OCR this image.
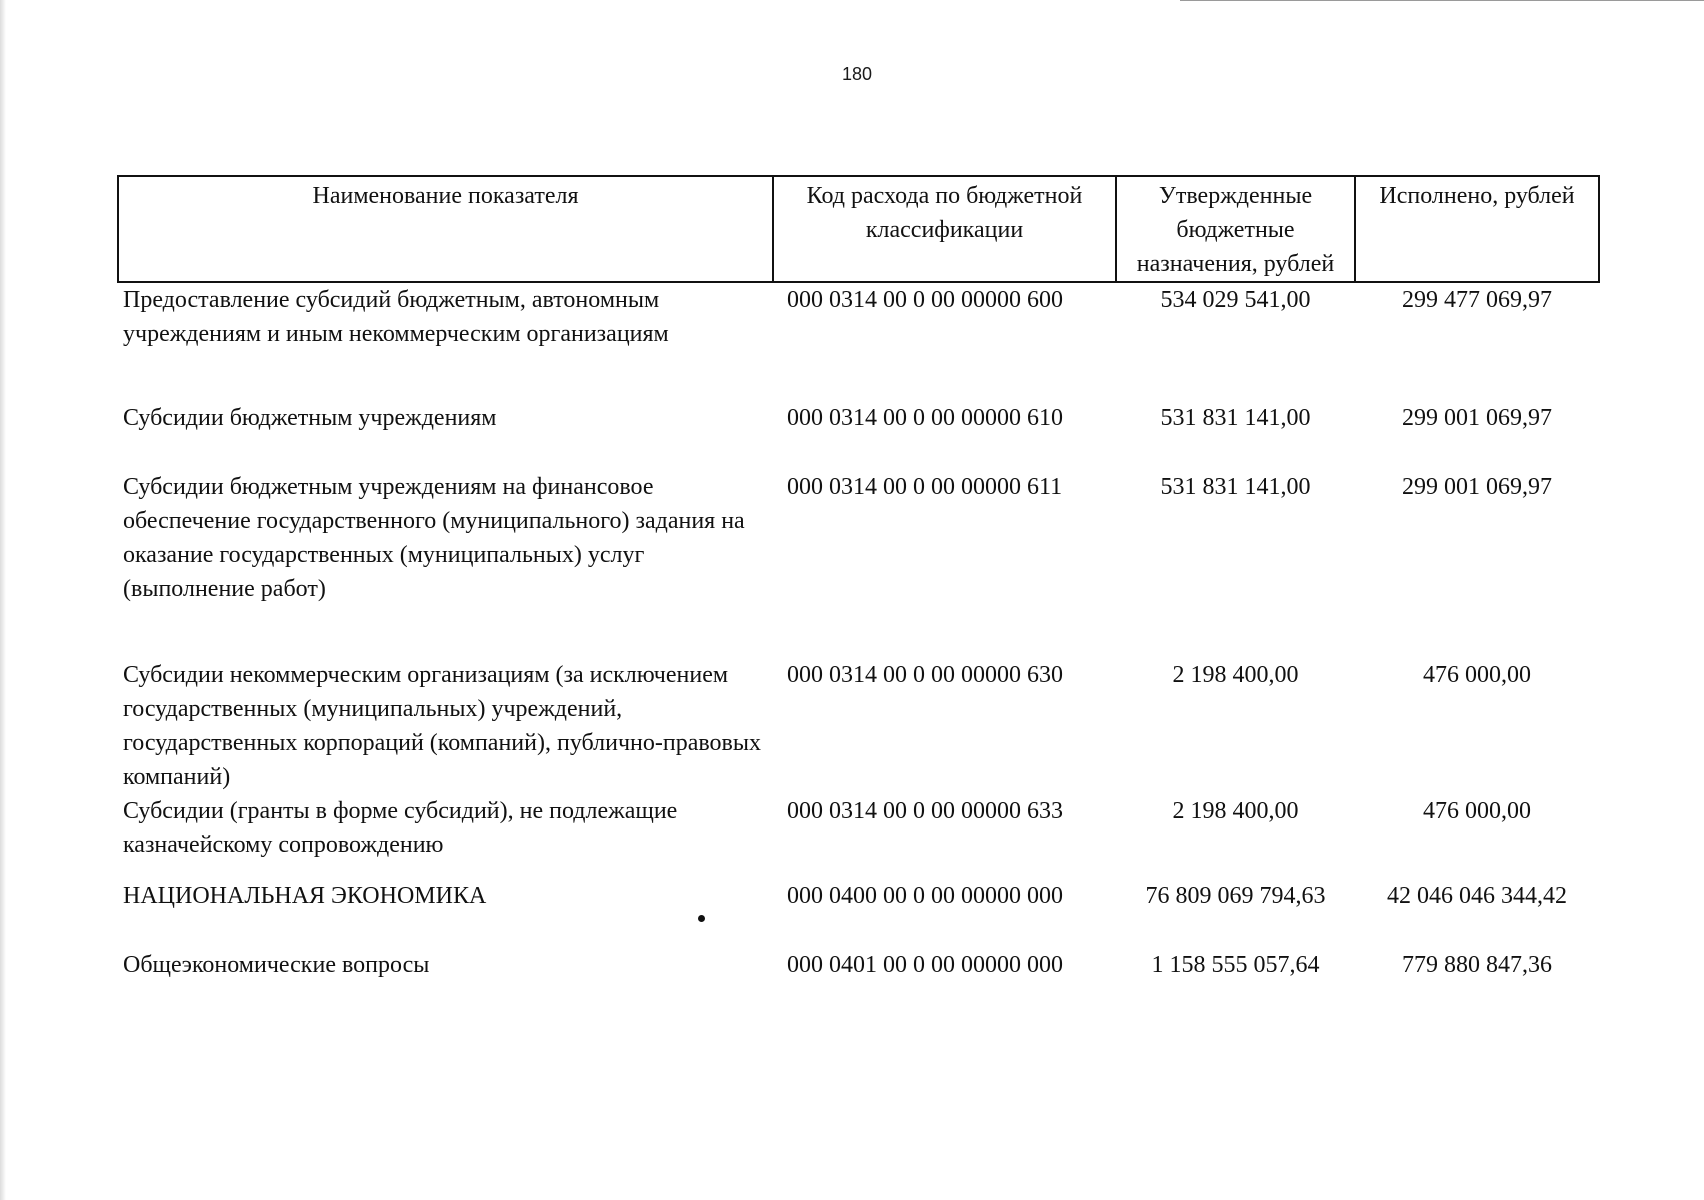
180
Наименование показателя	Код расхода по бюджетной классификации	Утвержденные бюджетные назначения, рублей	Исполнено, рублей
Предоставление субсидий бюджетным, автономным учреждениям и иным некоммерческим организациям	000 0314 00 0 00 00000 600	534 029 541,00	299 477 069,97
Субсидии бюджетным учреждениям	000 0314 00 0 00 00000 610	531 831 141,00	299 001 069,97
Субсидии бюджетным учреждениям на финансовое обеспечение государственного (муниципального) задания на оказание государственных (муниципальных) услуг (выполнение работ)	000 0314 00 0 00 00000 611	531 831 141,00	299 001 069,97
Субсидии некоммерческим организациям (за исключением государственных (муниципальных) учреждений, государственных корпораций (компаний), публично-правовых компаний)	000 0314 00 0 00 00000 630	2 198 400,00	476 000,00
Субсидии (гранты в форме субсидий), не подлежащие казначейскому сопровождению	000 0314 00 0 00 00000 633	2 198 400,00	476 000,00
НАЦИОНАЛЬНАЯ ЭКОНОМИКА	000 0400 00 0 00 00000 000	76 809 069 794,63	42 046 046 344,42
Общеэкономические вопросы	000 0401 00 0 00 00000 000	1 158 555 057,64	779 880 847,36
